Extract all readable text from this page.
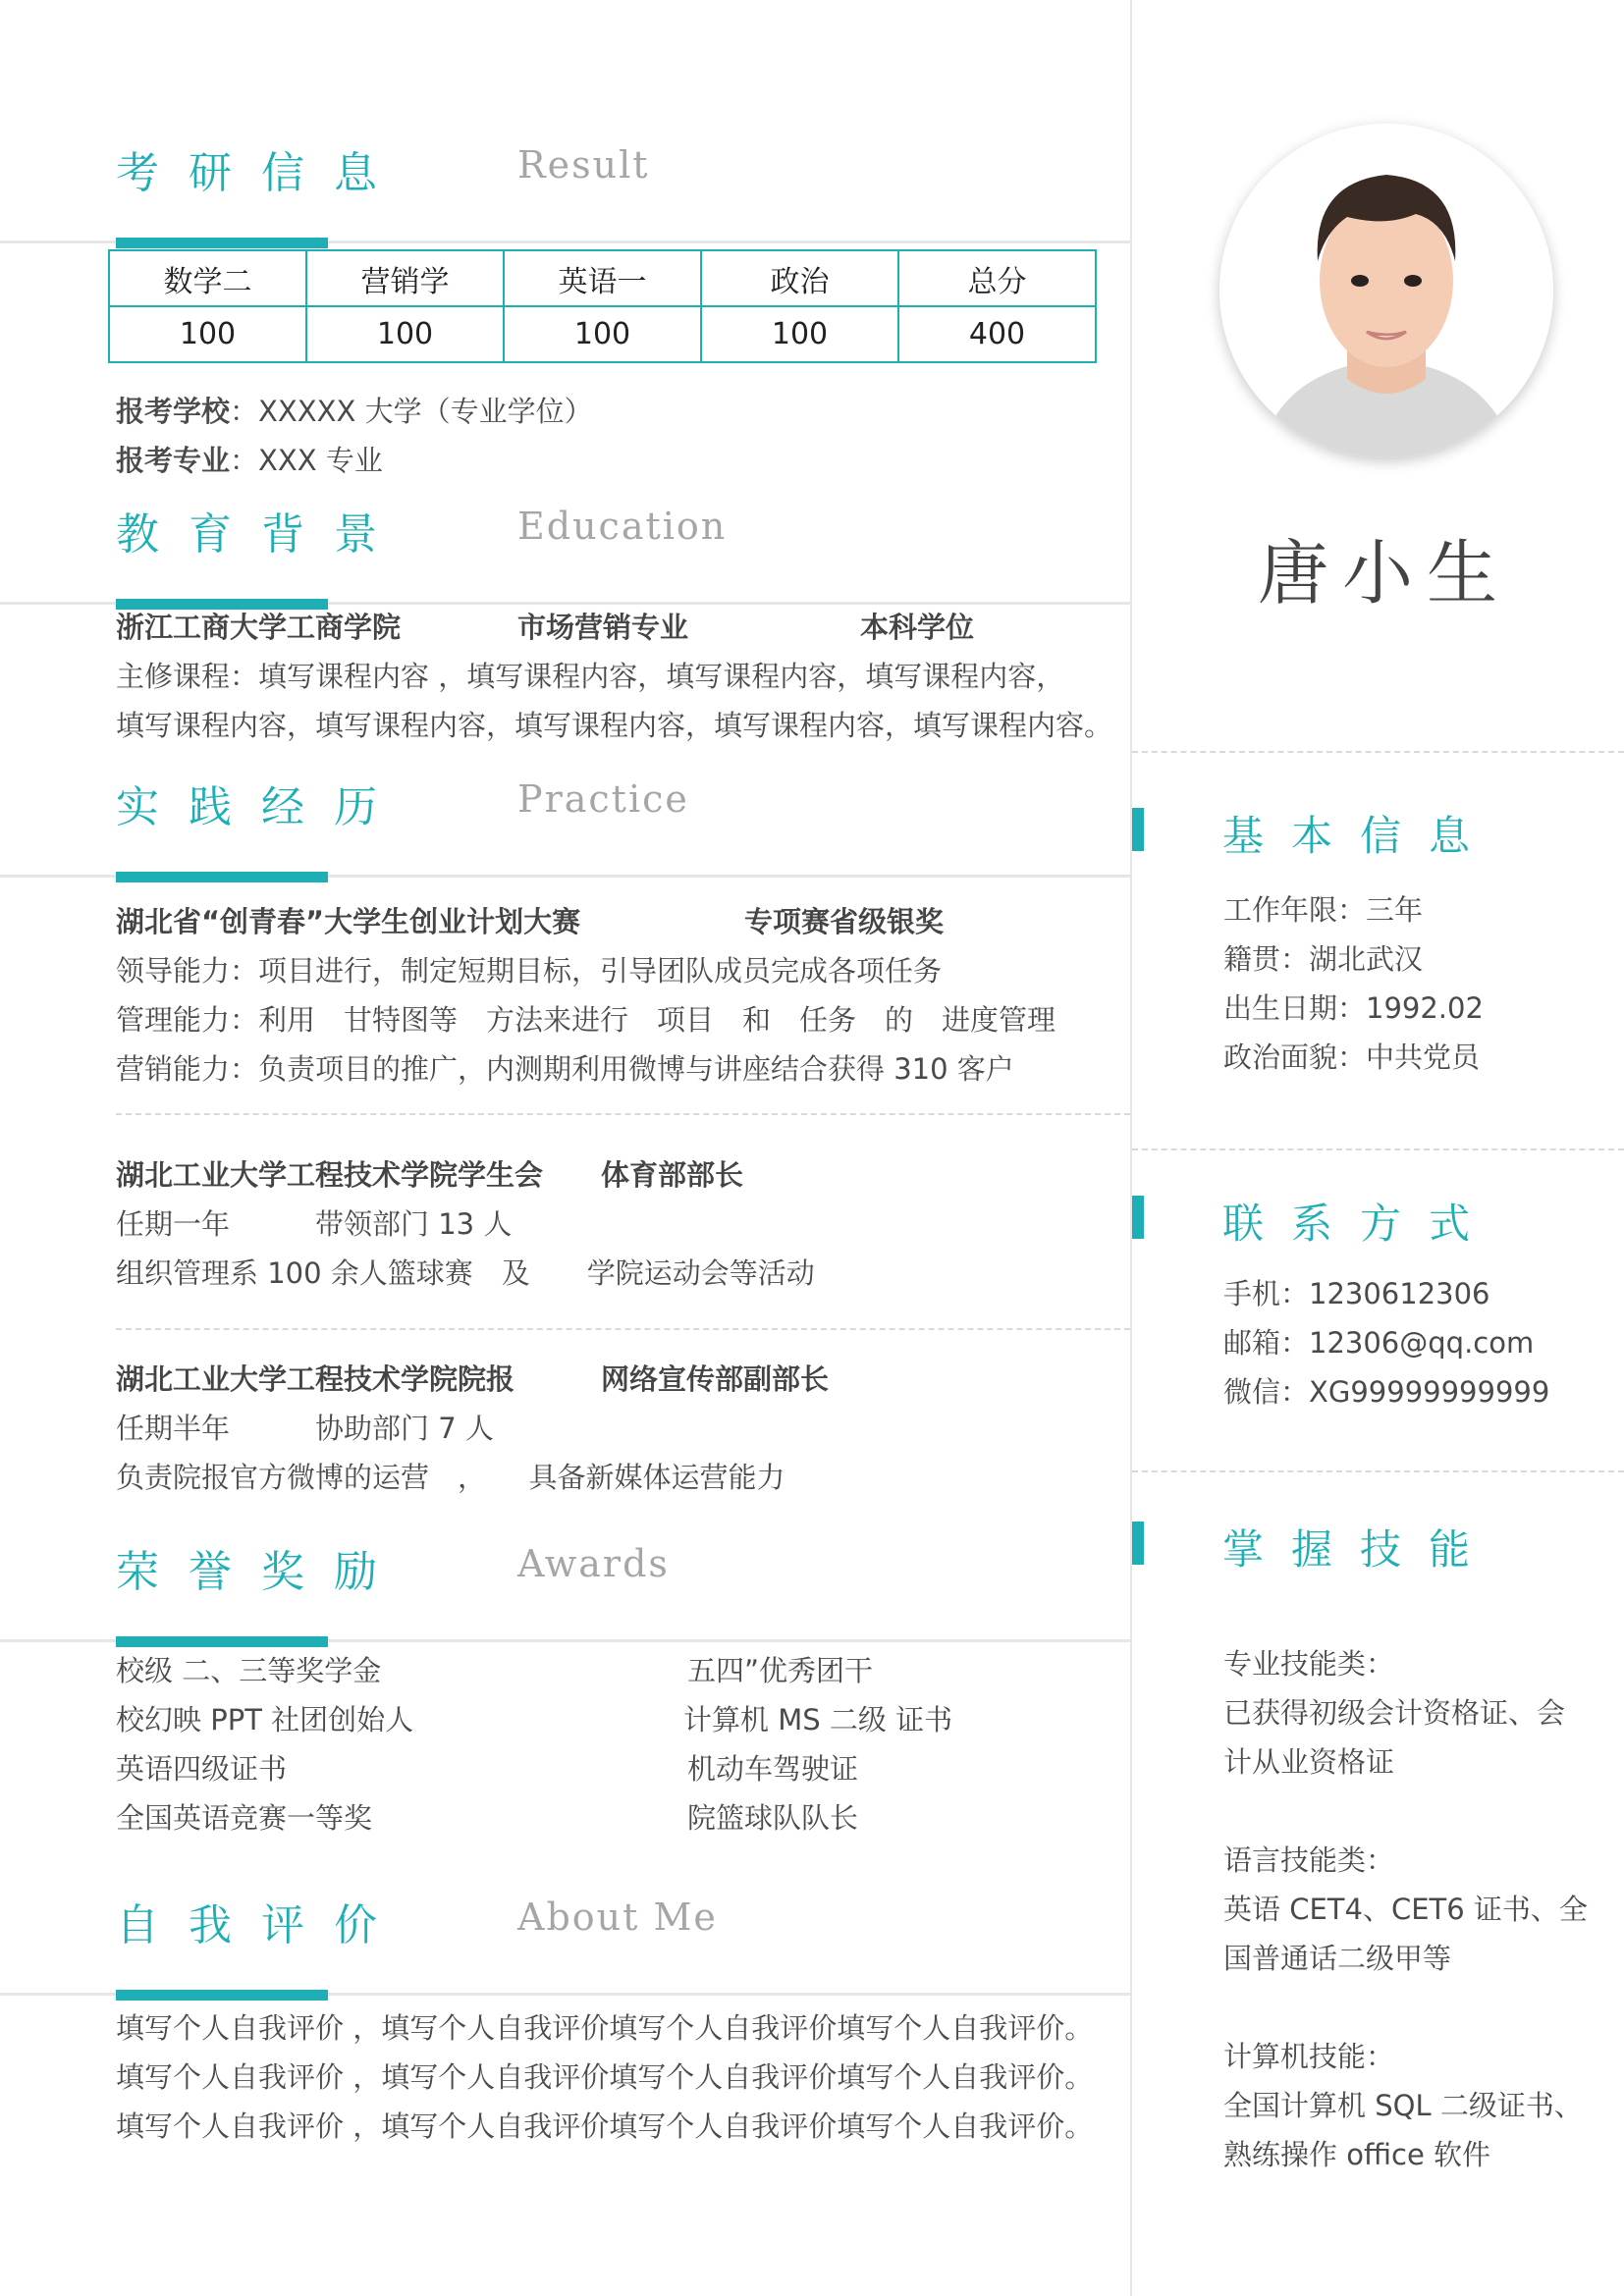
考研信息	Result
数学二	营销学	英语一	政治	总分
100	100	100	100	400
报考学校：XXXXX 大学（专业学位）
报考专业：XXX 专业
教育背景	Education
浙江工商大学工商学院	市场营销专业	本科学位
主修课程：填写课程内容 ，填写课程内容，填写课程内容，填写课程内容，
填写课程内容，填写课程内容，填写课程内容，填写课程内容，填写课程内容。
实践经历	Practice
湖北省“创青春”大学生创业计划大赛	专项赛省级银奖
领导能力：项目进行，制定短期目标，引导团队成员完成各项任务
管理能力：利用　甘特图等　方法来进行　项目　和　任务　的　进度管理
营销能力：负责项目的推广，内测期利用微博与讲座结合获得 310 客户
湖北工业大学工程技术学院学生会 体育部部长
任期一年　　　带领部门 13 人
组织管理系 100 余人篮球赛　及　　学院运动会等活动
湖北工业大学工程技术学院院报	网络宣传部副部长
任期半年　　　协助部门 7 人
负责院报官方微博的运营　，　　具备新媒体运营能力
荣誉奖励	Awards
校级 二、三等奖学金
校幻映 PPT 社团创始人
英语四级证书
全国英语竞赛一等奖
五四”优秀团干
计算机 MS 二级 证书
机动车驾驶证
院篮球队队长
自我评价	About Me
填写个人自我评价 ，填写个人自我评价填写个人自我评价填写个人自我评价。
填写个人自我评价 ，填写个人自我评价填写个人自我评价填写个人自我评价。
填写个人自我评价 ，填写个人自我评价填写个人自我评价填写个人自我评价。
唐小生
基本信息
工作年限：三年
籍贯：湖北武汉
出生日期：1992.02
政治面貌：中共党员
联系方式
手机：1230612306
邮箱：12306@qq.com
微信：XG99999999999
掌握技能
专业技能类：
已获得初级会计资格证、会
计从业资格证
语言技能类：
英语 CET4、CET6 证书、全
国普通话二级甲等
计算机技能：
全国计算机 SQL 二级证书、
熟练操作 office 软件
